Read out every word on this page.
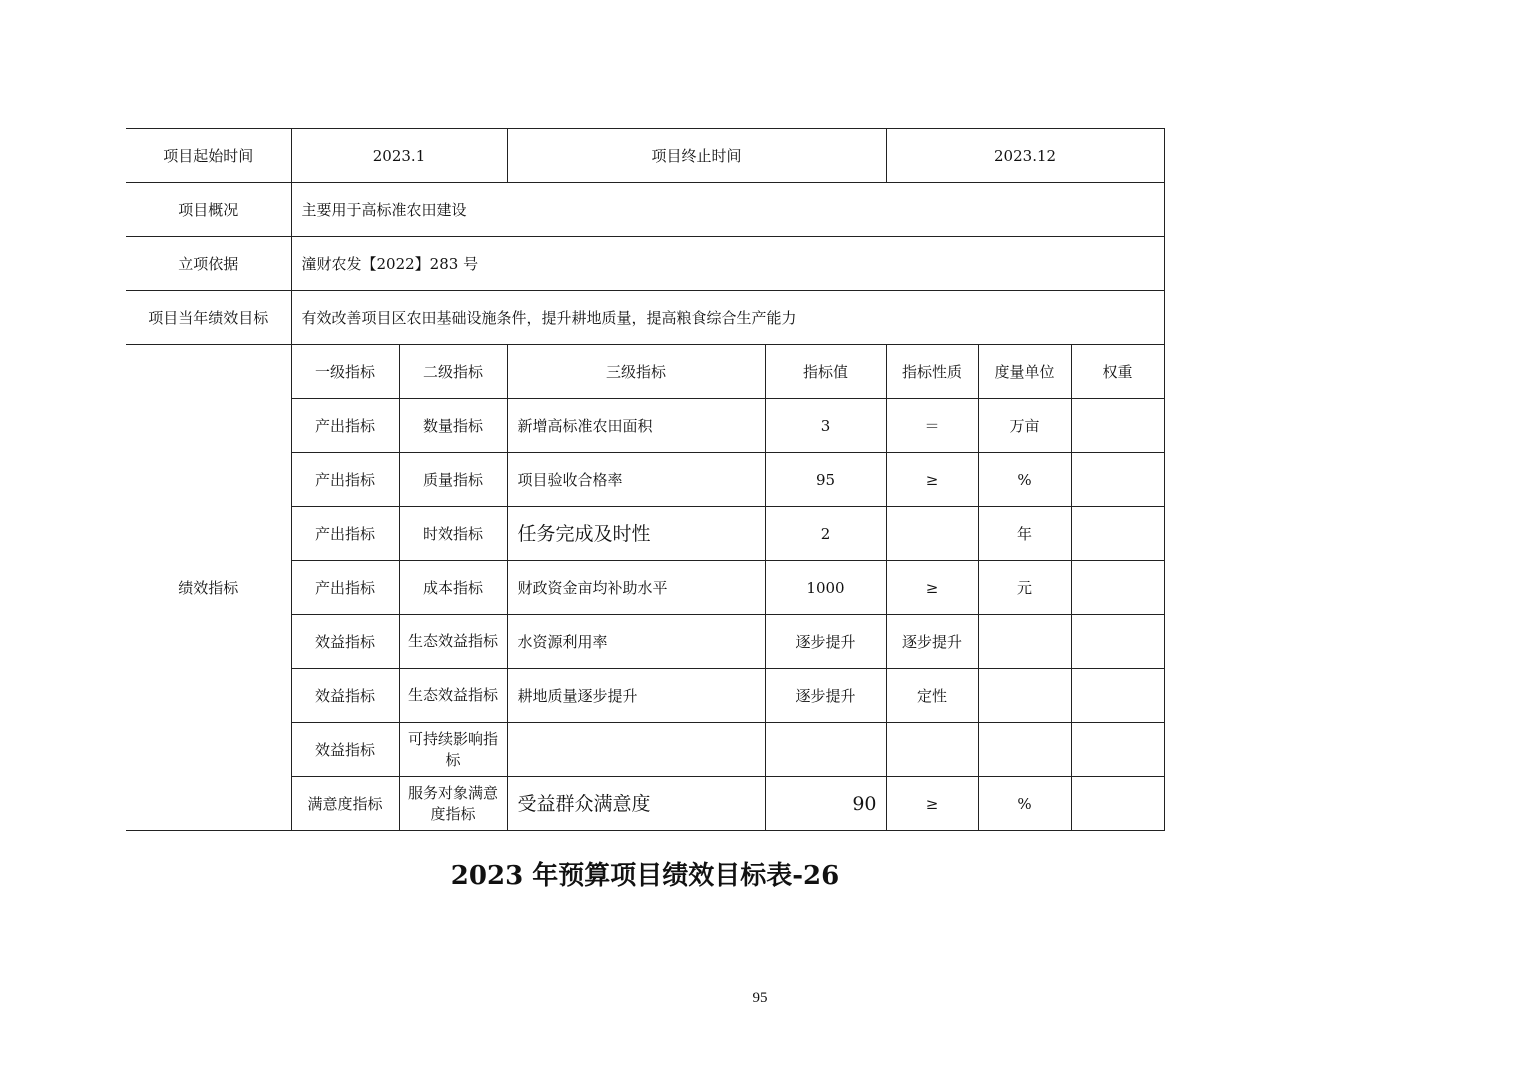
项目起始时间	2023.1		项目终止时间		2023.12		
项目概况	主要用于高标准农田建设						
立项依据	潼财农发【2022】283 号						
项目当年绩效目标	有效改善项目区农田基础设施条件，提升耕地质量，提高粮食综合生产能力						
绩效指标	一级指标	二级指标	三级指标	指标值	指标性质	度量单位	权重
	产出指标	数量指标	新增高标准农田面积	3	＝	万亩	
	产出指标	质量指标	项目验收合格率	95	≥	%	
	产出指标	时效指标	任务完成及时性	2		年	
	产出指标	成本指标	财政资金亩均补助水平	1000	≥	元	
	效益指标	生态效益指标	水资源利用率	逐步提升	逐步提升		
	效益指标	生态效益指标	耕地质量逐步提升	逐步提升	定性		
	效益指标	可持续影响指标					
	满意度指标	服务对象满意度指标	受益群众满意度	90	≥	%	
2023 年预算项目绩效目标表-26
95
